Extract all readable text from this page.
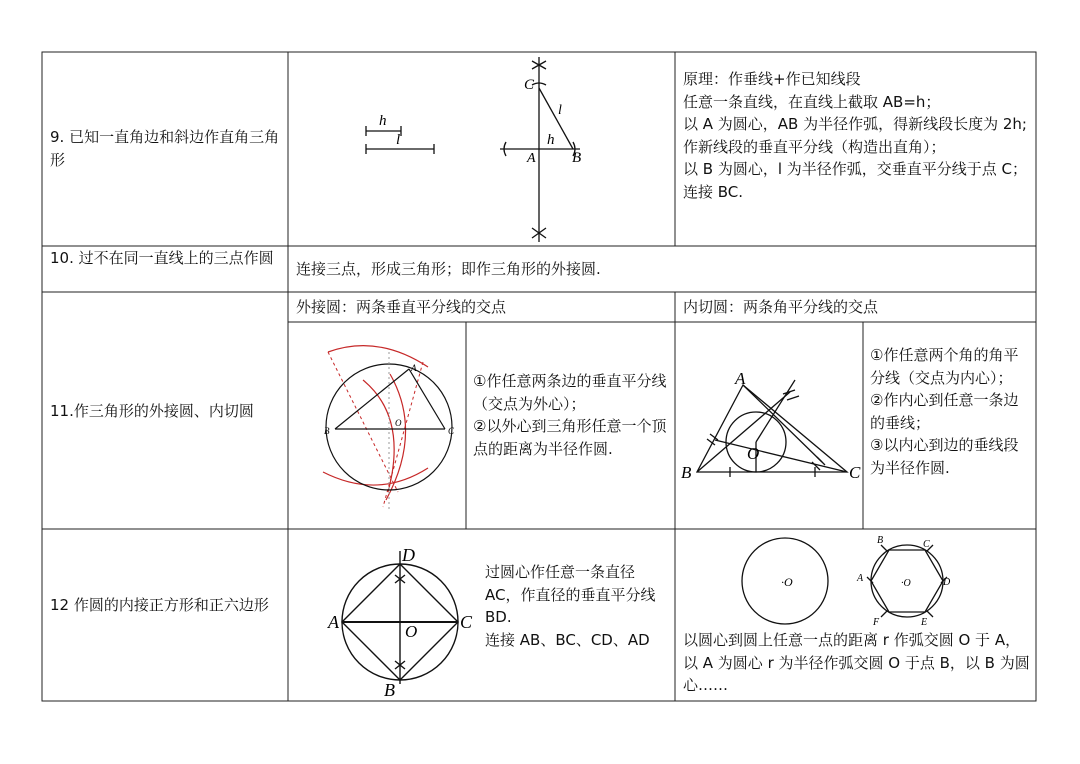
9. 已知一直角边和斜边作直角三角形
h
l
C
l
h
A B
原理：作垂线+作已知线段
任意一条直线，在直线上截取 AB=h；
以 A 为圆心，AB 为半径作弧，得新线段长度为 2h;
作新线段的垂直平分线（构造出直角）；
以 B 为圆心，l 为半径作弧，交垂直平分线于点 C；连接 BC.
10. 过不在同一直线上的三点作圆
连接三点，形成三角形；即作三角形的外接圆.
11.作三角形的外接圆、内切圆
外接圆：两条垂直平分线的交点	内切圆：两条角平分线的交点
A
B	C
O
①作任意两条边的垂直平分线（交点为外心）；
②以外心到三角形任意一个顶点的距离为半径作圆.
A
B	C
O
①作任意两个角的角平分线（交点为内心）；
②作内心到任意一条边的垂线；
③以内心到边的垂线段为半径作圆.
12 作圆的内接正方形和正六边形
D
A	C
O
B
过圆心作任意一条直径 AC，作直径的垂直平分线 BD.
连接 AB、BC、CD、AD
·O
B	C
A	D
F	E
·O
以圆心到圆上任意一点的距离 r 作弧交圆 O 于 A，以 A 为圆心 r 为半径作弧交圆 O 于点 B，以 B 为圆心……
